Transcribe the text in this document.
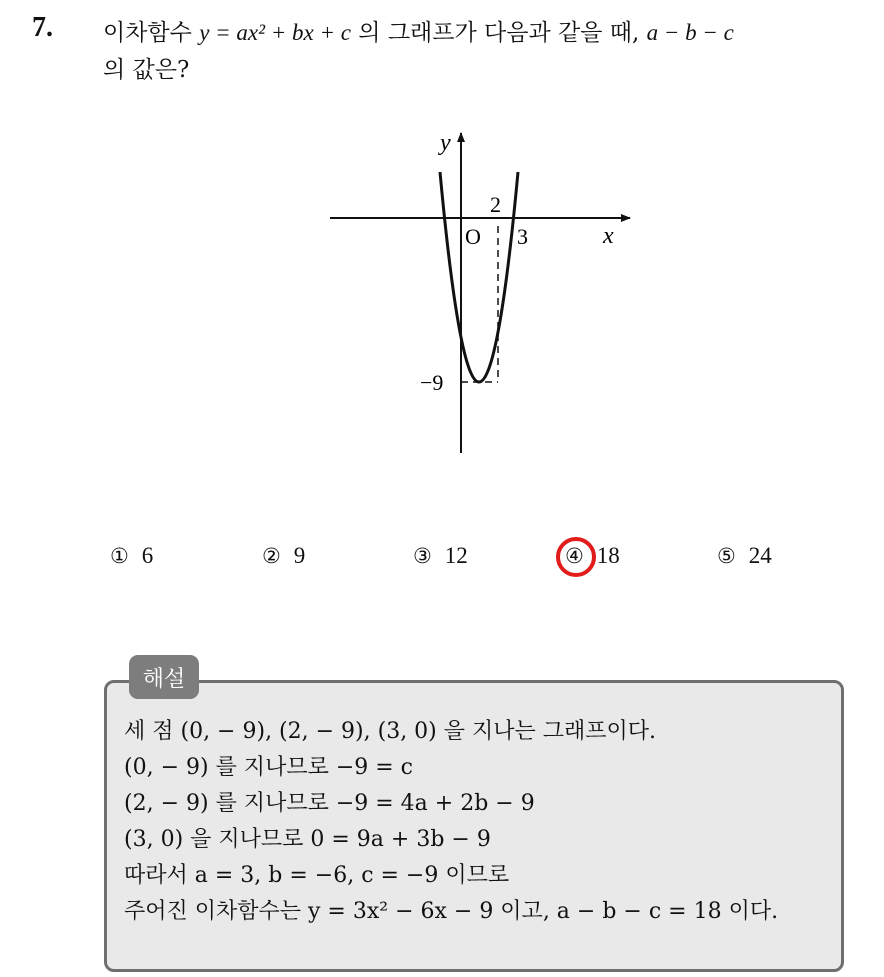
7. 이차함수 y = ax² + bx + c 의 그래프가 다음과 같을 때, a − b − c
의 값은?
y
x
O
2
3
−9
① 6	② 9	③ 12	④ 18	⑤ 24
해설
세 점 (0, − 9), (2, − 9), (3, 0) 을 지나는 그래프이다.
(0, − 9) 를 지나므로 −9 = c
(2, − 9) 를 지나므로 −9 = 4a + 2b − 9
(3, 0) 을 지나므로 0 = 9a + 3b − 9
따라서 a = 3, b = −6, c = −9 이므로
주어진 이차함수는 y = 3x² − 6x − 9 이고, a − b − c = 18 이다.
